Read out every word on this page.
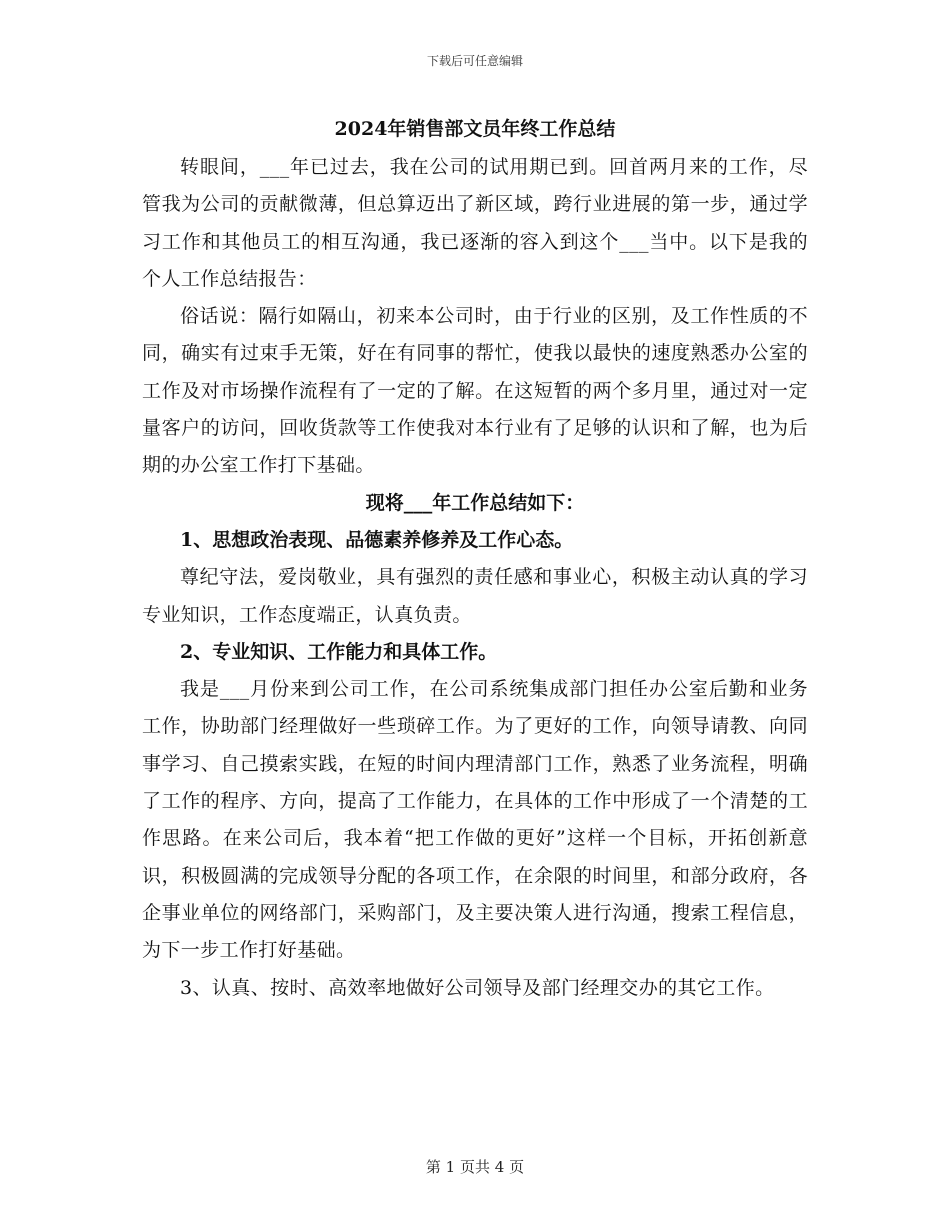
下载后可任意编辑
2024年销售部文员年终工作总结

转眼间，___年已过去，我在公司的试用期已到。回首两月来的工作，尽管我为公司的贡献微薄，但总算迈出了新区域，跨行业进展的第一步，通过学习工作和其他员工的相互沟通，我已逐渐的容入到这个___当中。以下是我的个人工作总结报告：

俗话说：隔行如隔山，初来本公司时，由于行业的区别，及工作性质的不同，确实有过束手无策，好在有同事的帮忙，使我以最快的速度熟悉办公室的工作及对市场操作流程有了一定的了解。在这短暂的两个多月里，通过对一定量客户的访问，回收货款等工作使我对本行业有了足够的认识和了解，也为后期的办公室工作打下基础。

现将___年工作总结如下：

1、思想政治表现、品德素养修养及工作心态。

尊纪守法，爱岗敬业，具有强烈的责任感和事业心，积极主动认真的学习专业知识，工作态度端正，认真负责。

2、专业知识、工作能力和具体工作。

我是___月份来到公司工作，在公司系统集成部门担任办公室后勤和业务工作，协助部门经理做好一些琐碎工作。为了更好的工作，向领导请教、向同事学习、自己摸索实践，在短的时间内理清部门工作，熟悉了业务流程，明确了工作的程序、方向，提高了工作能力，在具体的工作中形成了一个清楚的工作思路。在来公司后，我本着“把工作做的更好”这样一个目标，开拓创新意识，积极圆满的完成领导分配的各项工作，在余限的时间里，和部分政府，各企事业单位的网络部门，采购部门，及主要决策人进行沟通，搜索工程信息，为下一步工作打好基础。

3、认真、按时、高效率地做好公司领导及部门经理交办的其它工作。

第 1 页共 4 页
